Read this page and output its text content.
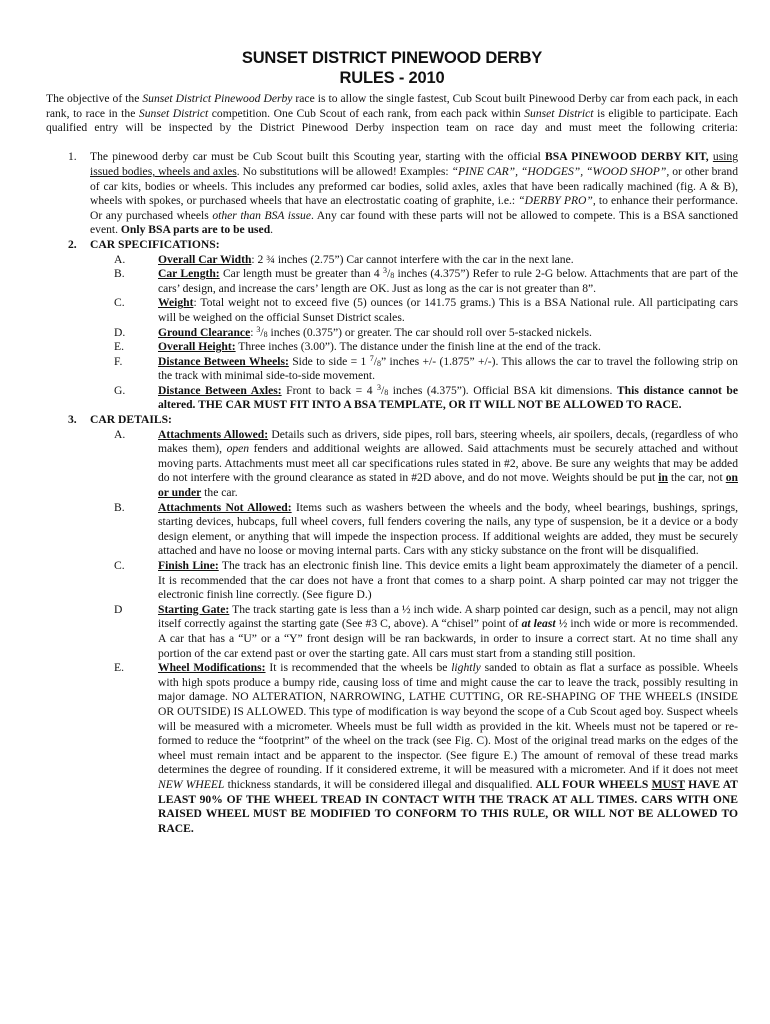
SUNSET DISTRICT PINEWOOD DERBY
RULES - 2010

The objective of the Sunset District Pinewood Derby race is to allow the single fastest, Cub Scout built Pinewood Derby car from each pack, in each rank, to race in the Sunset District competition. One Cub Scout of each rank, from each pack within Sunset District is eligible to participate. Each qualified entry will be inspected by the District Pinewood Derby inspection team on race day and must meet the following criteria:

1.	The pinewood derby car must be Cub Scout built this Scouting year, starting with the official BSA PINEWOOD DERBY KIT, using issued bodies, wheels and axles. No substitutions will be allowed! Examples: “PINE CAR”, “HODGES”, “WOOD SHOP”, or other brand of car kits, bodies or wheels. This includes any preformed car bodies, solid axles, axles that have been radically machined (fig. A & B), wheels with spokes, or purchased wheels that have an electrostatic coating of graphite, i.e.: “DERBY PRO”, to enhance their performance. Or any purchased wheels other than BSA issue. Any car found with these parts will not be allowed to compete. This is a BSA sanctioned event. Only BSA parts are to be used.
2.	CAR SPECIFICATIONS:
A.	Overall Car Width: 2 ¾ inches (2.75”) Car cannot interfere with the car in the next lane.
B.	Car Length: Car length must be greater than 4 $^3/_8$ inches (4.375”) Refer to rule 2-G below. Attachments that are part of the cars’ design, and increase the cars’ length are OK. Just as long as the car is not greater than 8”.
C.	Weight: Total weight not to exceed five (5) ounces (or 141.75 grams.) This is a BSA National rule. All participating cars will be weighed on the official Sunset District scales.
D.	Ground Clearance: $^3/_8$ inches (0.375”) or greater. The car should roll over 5-stacked nickels.
E.	Overall Height: Three inches (3.00”). The distance under the finish line at the end of the track.
F.	Distance Between Wheels: Side to side = 1 $^7/_8$” inches +/- (1.875” +/-). This allows the car to travel the following strip on the track with minimal side-to-side movement.
G.	Distance Between Axles: Front to back = 4 $^3/_8$ inches (4.375”). Official BSA kit dimensions. This distance cannot be altered. THE CAR MUST FIT INTO A BSA TEMPLATE, OR IT WILL NOT BE ALLOWED TO RACE.
3.	CAR DETAILS:
A.	Attachments Allowed: Details such as drivers, side pipes, roll bars, steering wheels, air spoilers, decals, (regardless of who makes them), open fenders and additional weights are allowed. Said attachments must be securely attached and without moving parts. Attachments must meet all car specifications rules stated in #2, above. Be sure any weights that may be added do not interfere with the ground clearance as stated in #2D above, and do not move. Weights should be put in the car, not on or under the car.
B.	Attachments Not Allowed: Items such as washers between the wheels and the body, wheel bearings, bushings, springs, starting devices, hubcaps, full wheel covers, full fenders covering the nails, any type of suspension, be it a device or a body design element, or anything that will impede the inspection process. If additional weights are added, they must be securely attached and have no loose or moving internal parts. Cars with any sticky substance on the front will be disqualified.
C.	Finish Line: The track has an electronic finish line. This device emits a light beam approximately the diameter of a pencil. It is recommended that the car does not have a front that comes to a sharp point. A sharp pointed car may not trigger the electronic finish line correctly. (See figure D.)
D	Starting Gate: The track starting gate is less than a ½ inch wide. A sharp pointed car design, such as a pencil, may not align itself correctly against the starting gate (See #3 C, above). A “chisel” point of at least ½ inch wide or more is recommended. A car that has a “U” or a “Y” front design will be ran backwards, in order to insure a correct start. At no time shall any portion of the car extend past or over the starting gate. All cars must start from a standing still position.
E.	Wheel Modifications: It is recommended that the wheels be lightly sanded to obtain as flat a surface as possible. Wheels with high spots produce a bumpy ride, causing loss of time and might cause the car to leave the track, possibly resulting in major damage. NO ALTERATION, NARROWING, LATHE CUTTING, OR RE-SHAPING OF THE WHEELS (INSIDE OR OUTSIDE) IS ALLOWED. This type of modification is way beyond the scope of a Cub Scout aged boy. Suspect wheels will be measured with a micrometer. Wheels must be full width as provided in the kit. Wheels must not be tapered or re-formed to reduce the “footprint” of the wheel on the track (see Fig. C). Most of the original tread marks on the edges of the wheel must remain intact and be apparent to the inspector. (See figure E.) The amount of removal of these tread marks determines the degree of rounding. If it considered extreme, it will be measured with a micrometer. And if it does not meet NEW WHEEL thickness standards, it will be considered illegal and disqualified. ALL FOUR WHEELS MUST HAVE AT LEAST 90% OF THE WHEEL TREAD IN CONTACT WITH THE TRACK AT ALL TIMES. CARS WITH ONE RAISED WHEEL MUST BE MODIFIED TO CONFORM TO THIS RULE, OR WILL NOT BE ALLOWED TO RACE.
